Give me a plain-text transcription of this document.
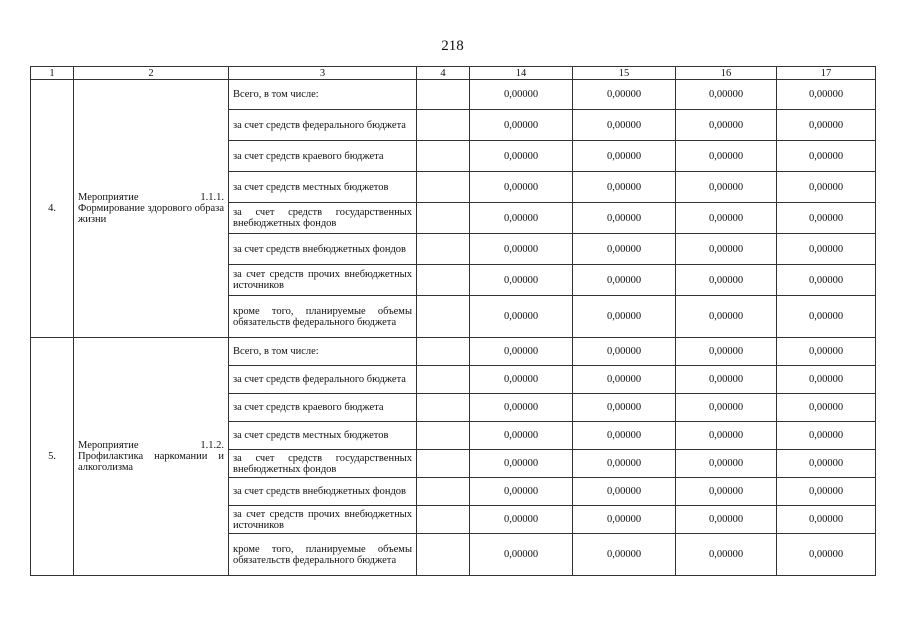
218
1	2	3	4	14	15	16	17
4.	Мероприятие 1.1.1. Формирование здорового образа жизни	Всего, в том числе:		0,00000	0,00000	0,00000	0,00000
		за счет средств федерального бюджета		0,00000	0,00000	0,00000	0,00000
		за счет средств краевого бюджета		0,00000	0,00000	0,00000	0,00000
		за счет средств местных бюджетов		0,00000	0,00000	0,00000	0,00000
		за счет средств государственных внебюджетных фондов		0,00000	0,00000	0,00000	0,00000
		за счет средств внебюджетных фондов		0,00000	0,00000	0,00000	0,00000
		за счет средств прочих внебюджетных источников		0,00000	0,00000	0,00000	0,00000
		кроме того, планируемые объемы обязательств федерального бюджета		0,00000	0,00000	0,00000	0,00000
5.	Мероприятие 1.1.2. Профилактика наркомании и алкоголизма	Всего, в том числе:		0,00000	0,00000	0,00000	0,00000
		за счет средств федерального бюджета		0,00000	0,00000	0,00000	0,00000
		за счет средств краевого бюджета		0,00000	0,00000	0,00000	0,00000
		за счет средств местных бюджетов		0,00000	0,00000	0,00000	0,00000
		за счет средств государственных внебюджетных фондов		0,00000	0,00000	0,00000	0,00000
		за счет средств внебюджетных фондов		0,00000	0,00000	0,00000	0,00000
		за счет средств прочих внебюджетных источников		0,00000	0,00000	0,00000	0,00000
		кроме того, планируемые объемы обязательств федерального бюджета		0,00000	0,00000	0,00000	0,00000
